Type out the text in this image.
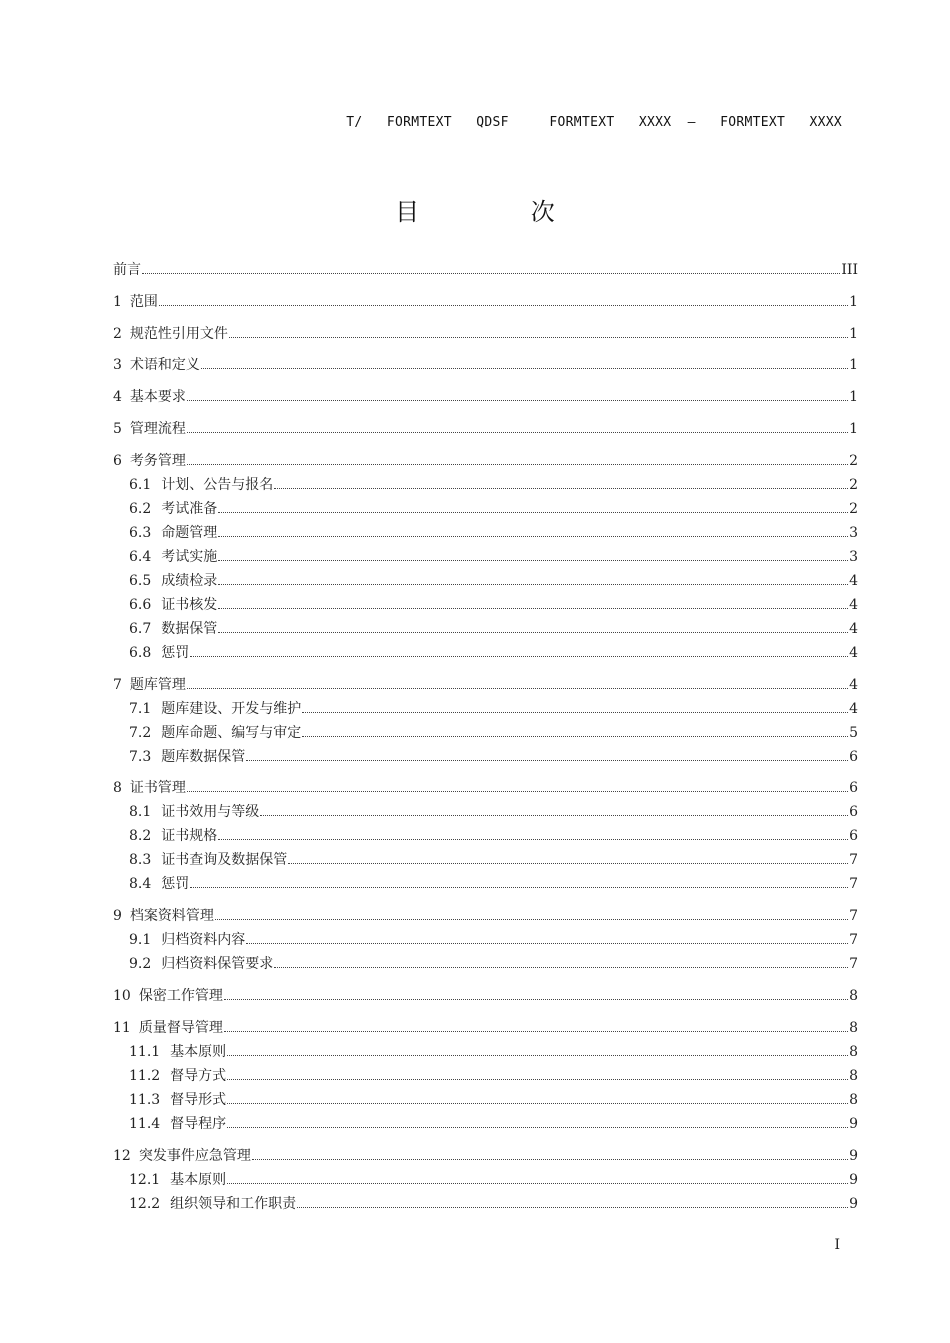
T/   FORMTEXT   QDSF     FORMTEXT   XXXX  —   FORMTEXT   XXXX
目 次
前言	III
1 范围	1
2 规范性引用文件	1
3 术语和定义	1
4 基本要求	1
5 管理流程	1
6 考务管理	2
6.1 计划、公告与报名	2
6.2 考试准备	2
6.3 命题管理	3
6.4 考试实施	3
6.5 成绩检录	4
6.6 证书核发	4
6.7 数据保管	4
6.8 惩罚	4
7 题库管理	4
7.1 题库建设、开发与维护	4
7.2 题库命题、编写与审定	5
7.3 题库数据保管	6
8 证书管理	6
8.1 证书效用与等级	6
8.2 证书规格	6
8.3 证书查询及数据保管	7
8.4 惩罚	7
9 档案资料管理	7
9.1 归档资料内容	7
9.2 归档资料保管要求	7
10 保密工作管理	8
11 质量督导管理	8
11.1 基本原则	8
11.2 督导方式	8
11.3 督导形式	8
11.4 督导程序	9
12 突发事件应急管理	9
12.1 基本原则	9
12.2 组织领导和工作职责	9
I
